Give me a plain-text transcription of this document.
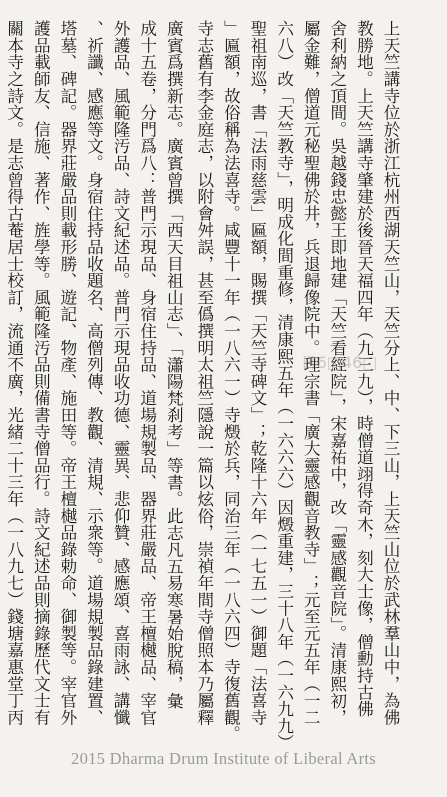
上天竺講寺位於浙江杭州西湖天竺山，天竺分上、中、下三山，上天竺山位於武林羣山中，為佛
教勝地。上天竺講寺肇建於後晉天福四年（九三九），時僧道翊得奇木，刻大士像，僧勳持古佛
舍利納之頂間。吳越錢忠懿王即地建「天竺看經院」，宋嘉祐中，改「靈感觀音院」。清康熙初，
屬金難，僧道元秘聖佛於井，兵退歸像院中。理宗書「廣大靈感觀音教寺」；元至元五年（一二
六八）改「天竺教寺」，明成化間重修，清康熙五年（一六六六）因燬重建，三十八年（一六九九）
聖祖南巡，書「法雨慈雲」匾額，賜撰「天竺寺碑文」；乾隆十六年（一七五一）御題「法喜寺
」匾額，故俗稱為法喜寺。咸豐十一年（一八六一）寺燬於兵，同治三年（一八六四）寺復舊觀。
寺志舊有李金庭志，以附會舛誤，甚至僞撰明太祖竺隱說一篇以炫俗，崇禎年間寺僧照本乃屬釋
廣賓爲撰新志。廣賓曾撰「西天目祖山志」、「瀟陽梵刹考」等書。此志凡五易寒暑始脫稿，彙
成十五卷，分門爲八：普門示現品、身宿住持品、道場規製品、器界莊嚴品、帝王檀樾品、宰官
外護品、風範隆汚品、詩文紀述品。普門示現品收功德、靈異、悲仰贊、感應頌、喜雨詠、講懺
、祈讖、感應等文。身宿住持品收題名、高僧列傳、教觀、清規、示衆等。道場規製品錄建置、
塔墓、碑記。器界莊嚴品則載形勝、遊記、物產、施田等。帝王檀樾品錄勅命、御製等。宰官外
護品載師友、信施、著作、旌學等。風範隆汚品則備書寺僧品行。詩文紀述品則摘錄歷代文士有
關本寺之詩文。是志曾得古菴居士校訂，流通不廣，光緒二十三年（一八九七）錢塘嘉惠堂丁丙	日6□46□
2015 Dharma Drum Institute of Liberal Arts
